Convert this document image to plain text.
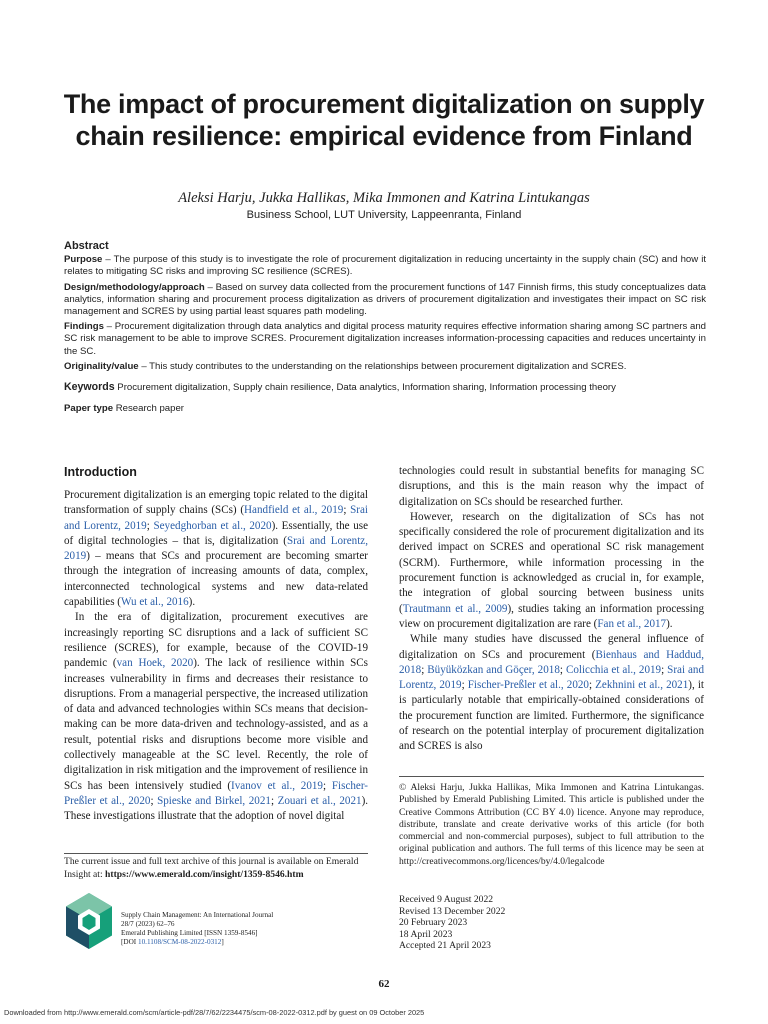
The impact of procurement digitalization on supply chain resilience: empirical evidence from Finland
Aleksi Harju, Jukka Hallikas, Mika Immonen and Katrina Lintukangas
Business School, LUT University, Lappeenranta, Finland
Abstract

Purpose – The purpose of this study is to investigate the role of procurement digitalization in reducing uncertainty in the supply chain (SC) and how it relates to mitigating SC risks and improving SC resilience (SCRES).

Design/methodology/approach – Based on survey data collected from the procurement functions of 147 Finnish firms, this study conceptualizes data analytics, information sharing and procurement process digitalization as drivers of procurement digitalization and investigates their impact on SC risk management and SCRES by using partial least squares path modeling.

Findings – Procurement digitalization through data analytics and digital process maturity requires effective information sharing among SC partners and SC risk management to be able to improve SCRES. Procurement digitalization increases information-processing capacities and reduces uncertainty in the SC.

Originality/value – This study contributes to the understanding on the relationships between procurement digitalization and SCRES.

Keywords Procurement digitalization, Supply chain resilience, Data analytics, Information sharing, Information processing theory

Paper type Research paper

Introduction

Procurement digitalization is an emerging topic related to the digital transformation of supply chains (SCs) (Handfield et al., 2019; Srai and Lorentz, 2019; Seyedghorban et al., 2020). Essentially, the use of digital technologies – that is, digitalization (Srai and Lorentz, 2019) – means that SCs and procurement are becoming smarter through the integration of increasing amounts of data, complex, interconnected technological systems and new data-related capabilities (Wu et al., 2016).

In the era of digitalization, procurement executives are increasingly reporting SC disruptions and a lack of sufficient SC resilience (SCRES), for example, because of the COVID-19 pandemic (van Hoek, 2020). The lack of resilience within SCs increases vulnerability in firms and decreases their resistance to disruptions. From a managerial perspective, the increased utilization of data and advanced technologies within SCs means that decision-making can be more data-driven and technology-assisted, and as a result, potential risks and disruptions become more visible and collectively manageable at the SC level. Recently, the role of digitalization in risk mitigation and the improvement of resilience in SCs has been intensively studied (Ivanov et al., 2019; Fischer-Preßler et al., 2020; Spieske and Birkel, 2021; Zouari et al., 2021). These investigations illustrate that the adoption of novel digital

technologies could result in substantial benefits for managing SC disruptions, and this is the main reason why the impact of digitalization on SCs should be researched further.

However, research on the digitalization of SCs has not specifically considered the role of procurement digitalization and its derived impact on SCRES and operational SC risk management (SCRM). Furthermore, while information processing in the procurement function is acknowledged as crucial in, for example, the integration of global sourcing between business units (Trautmann et al., 2009), studies taking an information processing view on procurement digitalization are rare (Fan et al., 2017).

While many studies have discussed the general influence of digitalization on SCs and procurement (Bienhaus and Haddud, 2018; Büyüközkan and Göçer, 2018; Colicchia et al., 2019; Srai and Lorentz, 2019; Fischer-Preßler et al., 2020; Zekhnini et al., 2021), it is particularly notable that empirically-obtained considerations of the procurement function are limited. Furthermore, the significance of research on the potential interplay of procurement digitalization and SCRES is also

The current issue and full text archive of this journal is available on Emerald Insight at: https://www.emerald.com/insight/1359-8546.htm
Supply Chain Management: An International Journal
28/7 (2023) 62–76
Emerald Publishing Limited [ISSN 1359-8546]
[DOI 10.1108/SCM-08-2022-0312]
© Aleksi Harju, Jukka Hallikas, Mika Immonen and Katrina Lintukangas. Published by Emerald Publishing Limited. This article is published under the Creative Commons Attribution (CC BY 4.0) licence. Anyone may reproduce, distribute, translate and create derivative works of this article (for both commercial and non-commercial purposes), subject to full attribution to the original publication and authors. The full terms of this licence may be seen at http://creativecommons.org/licences/by/4.0/legalcode
Received 9 August 2022
Revised 13 December 2022
20 February 2023
18 April 2023
Accepted 21 April 2023
62
Downloaded from http://www.emerald.com/scm/article-pdf/28/7/62/2234475/scm-08-2022-0312.pdf by guest on 09 October 2025
